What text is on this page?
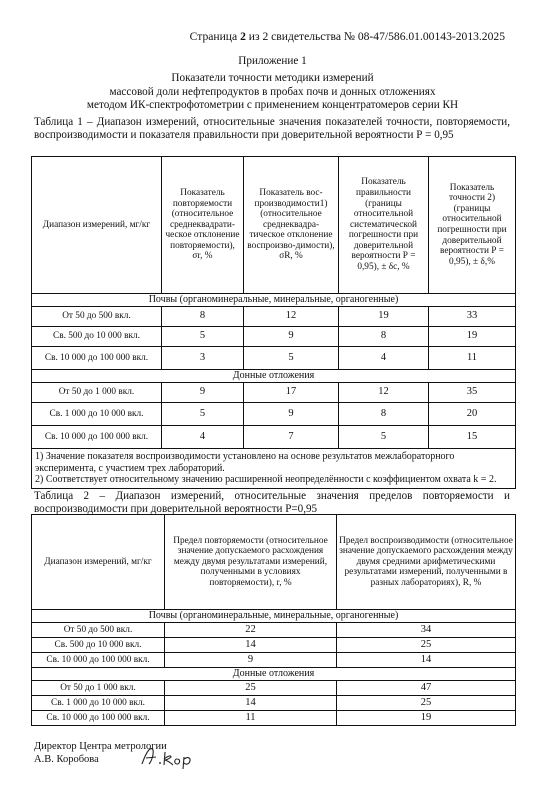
Страница 2 из 2 свидетельства № 08-47/586.01.00143-2013.2025
Приложение 1
Показатели точности методики измерений
массовой доли нефтепродуктов в пробах почв и донных отложениях
методом ИК-спектрофотометрии с применением концентратомеров серии КН
Таблица 1 – Диапазон измерений, относительные значения показателей точности, повторяемости, воспроизводимости и показателя правильности при доверительной вероятности Р = 0,95
Диапазон измерений, мг/кг	Показатель повторяемости (относительное среднеквадрати-ческое отклонение повторяемости), σr, %	Показатель вос-производимости1) (относительное среднеквадра-тическое отклонение воспроизво-димости), σR, %	Показатель правильности (границы относительной систематической погрешности при доверительной вероятности Р = 0,95), ± δc, %	Показатель точности 2) (границы относительной погрешности при доверительной вероятности Р = 0,95), ± δ,%
Почвы (органоминеральные, минеральные, органогенные)				
От 50 до 500 вкл.	8	12	19	33
Св. 500 до 10 000 вкл.	5	9	8	19
Св. 10 000 до 100 000 вкл.	3	5	4	11
Донные отложения				
От 50 до 1 000 вкл.	9	17	12	35
Св. 1 000 до 10 000 вкл.	5	9	8	20
Св. 10 000 до 100 000 вкл.	4	7	5	15

1) Значение показателя воспроизводимости установлено на основе результатов межлабораторного эксперимента, с участием трех лабораторий.
2) Соответствует относительному значению расширенной неопределённости с коэффициентом охвата k = 2.				
Таблица 2 – Диапазон измерений, относительные значения пределов повторяемости и воспроизводимости при доверительной вероятности Р=0,95
Диапазон измерений, мг/кг	Предел повторяемости (относительное значение допускаемого расхождения между двумя результатами измерений, полученными в условиях повторяемости), r, %	Предел воспроизводимости (относительное значение допускаемого расхождения между двумя средними арифметическими результатами измерений, полученными в разных лабораториях), R, %
Почвы (органоминеральные, минеральные, органогенные)		
От 50 до 500 вкл.	22	34
Св. 500 до 10 000 вкл.	14	25
Св. 10 000 до 100 000 вкл.	9	14
Донные отложения		
От 50 до 1 000 вкл.	25	47
Св. 1 000 до 10 000 вкл.	14	25
Св. 10 000 до 100 000 вкл.	11	19
Директор Центра метрологии
А.В. Коробова
